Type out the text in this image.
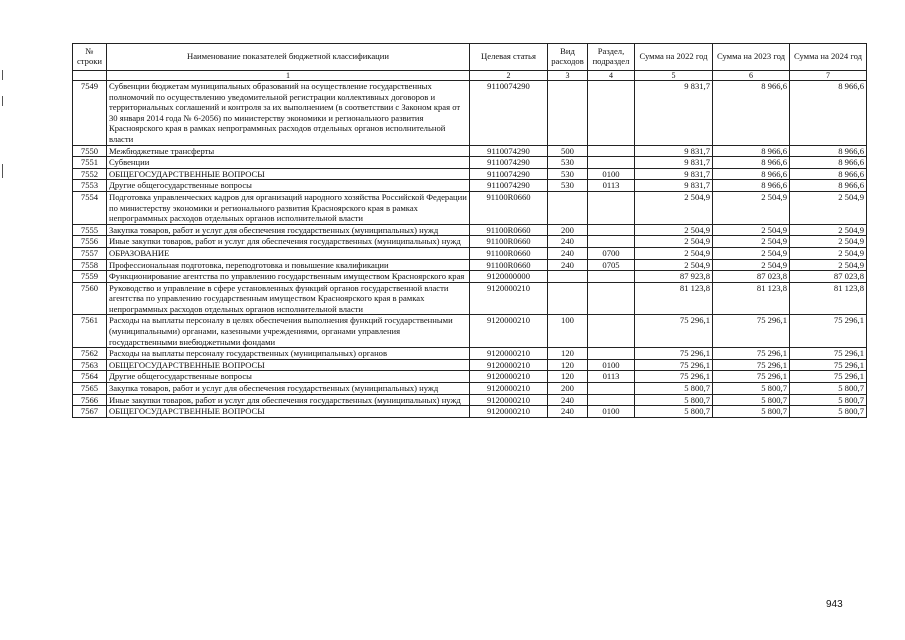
№ строки	Наименование показателей бюджетной классификации	Целевая статья	Вид расходов	Раздел, подраздел	Сумма на 2022 год	Сумма на 2023 год	Сумма на 2024 год
	1	2	3	4	5	6	7
7549	Субвенции бюджетам муниципальных образований на осуществление государственных полномочий по осуществлению уведомительной регистрации коллективных договоров и территориальных соглашений и контроля за их выполнением (в соответствии с Законом края от 30 января 2014 года № 6-2056) по министерству экономики и регионального развития Красноярского края в рамках непрограммных расходов отдельных органов исполнительной власти	9110074290			9 831,7	8 966,6	8 966,6
7550	Межбюджетные трансферты	9110074290	500		9 831,7	8 966,6	8 966,6
7551	Субвенции	9110074290	530		9 831,7	8 966,6	8 966,6
7552	ОБЩЕГОСУДАРСТВЕННЫЕ ВОПРОСЫ	9110074290	530	0100	9 831,7	8 966,6	8 966,6
7553	Другие общегосударственные вопросы	9110074290	530	0113	9 831,7	8 966,6	8 966,6
7554	Подготовка управленческих кадров для организаций народного хозяйства Российской Федерации по министерству экономики и регионального развития Красноярского края в рамках непрограммных расходов отдельных органов исполнительной власти	91100R0660			2 504,9	2 504,9	2 504,9
7555	Закупка товаров, работ и услуг для обеспечения государственных (муниципальных) нужд	91100R0660	200		2 504,9	2 504,9	2 504,9
7556	Иные закупки товаров, работ и услуг для обеспечения государственных (муниципальных) нужд	91100R0660	240		2 504,9	2 504,9	2 504,9
7557	ОБРАЗОВАНИЕ	91100R0660	240	0700	2 504,9	2 504,9	2 504,9
7558	Профессиональная подготовка, переподготовка и повышение квалификации	91100R0660	240	0705	2 504,9	2 504,9	2 504,9
7559	Функционирование агентства по управлению государственным имуществом Красноярского края	9120000000			87 923,8	87 023,8	87 023,8
7560	Руководство и управление в сфере установленных функций органов государственной власти агентства по управлению государственным имуществом Красноярского края в рамках непрограммных расходов отдельных органов исполнительной власти	9120000210			81 123,8	81 123,8	81 123,8
7561	Расходы на выплаты персоналу в целях обеспечения выполнения функций государственными (муниципальными) органами, казенными учреждениями, органами управления государственными внебюджетными фондами	9120000210	100		75 296,1	75 296,1	75 296,1
7562	Расходы на выплаты персоналу государственных (муниципальных) органов	9120000210	120		75 296,1	75 296,1	75 296,1
7563	ОБЩЕГОСУДАРСТВЕННЫЕ ВОПРОСЫ	9120000210	120	0100	75 296,1	75 296,1	75 296,1
7564	Другие общегосударственные вопросы	9120000210	120	0113	75 296,1	75 296,1	75 296,1
7565	Закупка товаров, работ и услуг для обеспечения государственных (муниципальных) нужд	9120000210	200		5 800,7	5 800,7	5 800,7
7566	Иные закупки товаров, работ и услуг для обеспечения государственных (муниципальных) нужд	9120000210	240		5 800,7	5 800,7	5 800,7
7567	ОБЩЕГОСУДАРСТВЕННЫЕ ВОПРОСЫ	9120000210	240	0100	5 800,7	5 800,7	5 800,7
943
